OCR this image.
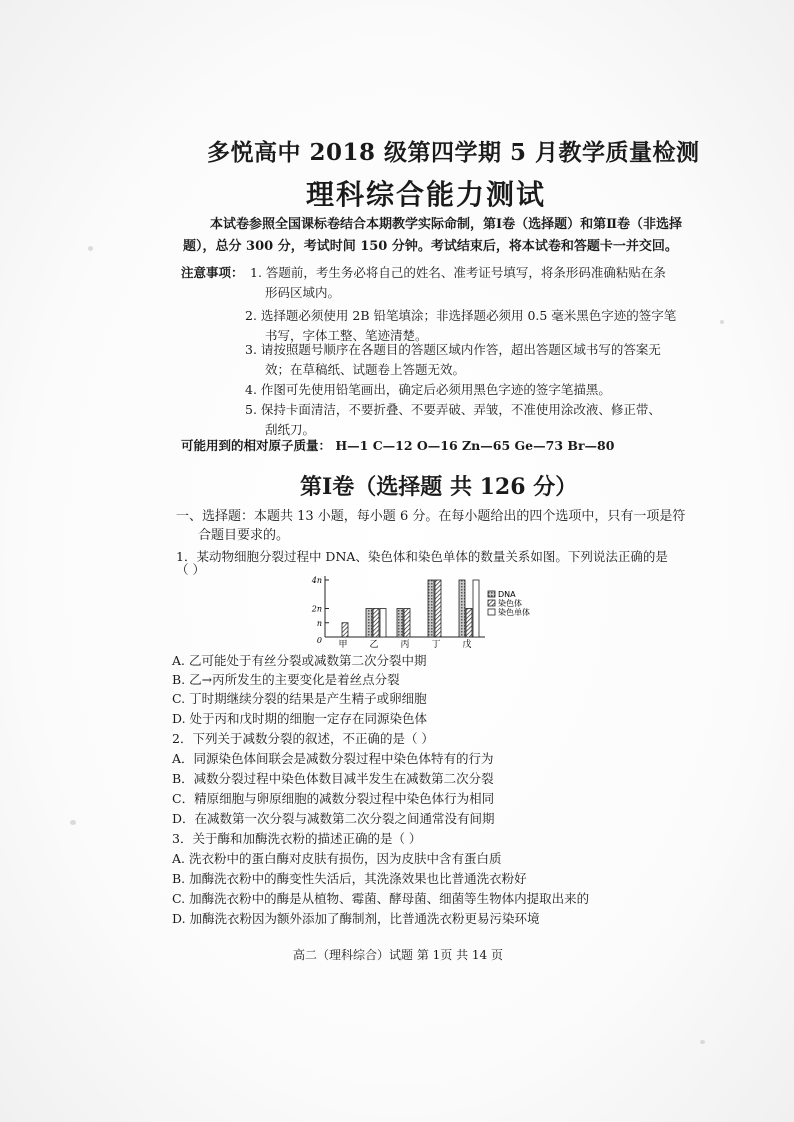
多悦高中 2018 级第四学期 5 月教学质量检测
理科综合能力测试
本试卷参照全国课标卷结合本期教学实际命制，第Ⅰ卷（选择题）和第Ⅱ卷（非选择
题），总分 300 分，考试时间 150 分钟。考试结束后，将本试卷和答题卡一并交回。
注意事项： 1. 答题前，考生务必将自己的姓名、准考证号填写，将条形码准确粘贴在条
形码区域内。
2. 选择题必须使用 2B 铅笔填涂；非选择题必须用 0.5 毫米黑色字迹的签字笔
书写，字体工整、笔迹清楚。
3. 请按照题号顺序在各题目的答题区域内作答，超出答题区域书写的答案无
效；在草稿纸、试题卷上答题无效。
4. 作图可先使用铅笔画出，确定后必须用黑色字迹的签字笔描黑。
5. 保持卡面清洁，不要折叠、不要弄破、弄皱，不准使用涂改液、修正带、
刮纸刀。
可能用到的相对原子质量： H—1 C—12 O—16 Zn—65 Ge—73 Br—80
第Ⅰ卷（选择题 共 126 分）
一、选择题：本题共 13 小题，每小题 6 分。在每小题给出的四个选项中，只有一项是符
合题目要求的。
1．某动物细胞分裂过程中 DNA、染色体和染色单体的数量关系如图。下列说法正确的是
（ ）
4n
2n
n
0 甲 乙 丙 丁 戊
DNA
染色体
染色单体
A. 乙可能处于有丝分裂或减数第二次分裂中期
B. 乙→丙所发生的主要变化是着丝点分裂
C. 丁时期继续分裂的结果是产生精子或卵细胞
D. 处于丙和戊时期的细胞一定存在同源染色体
2．下列关于减数分裂的叙述，不正确的是（ ）
A．同源染色体间联会是减数分裂过程中染色体特有的行为
B．减数分裂过程中染色体数目减半发生在减数第二次分裂
C．精原细胞与卵原细胞的减数分裂过程中染色体行为相同
D．在减数第一次分裂与减数第二次分裂之间通常没有间期
3．关于酶和加酶洗衣粉的描述正确的是（ ）
A. 洗衣粉中的蛋白酶对皮肤有损伤，因为皮肤中含有蛋白质
B. 加酶洗衣粉中的酶变性失活后，其洗涤效果也比普通洗衣粉好
C. 加酶洗衣粉中的酶是从植物、霉菌、酵母菌、细菌等生物体内提取出来的
D. 加酶洗衣粉因为额外添加了酶制剂，比普通洗衣粉更易污染环境
高二（理科综合）试题 第 1页 共 14 页
